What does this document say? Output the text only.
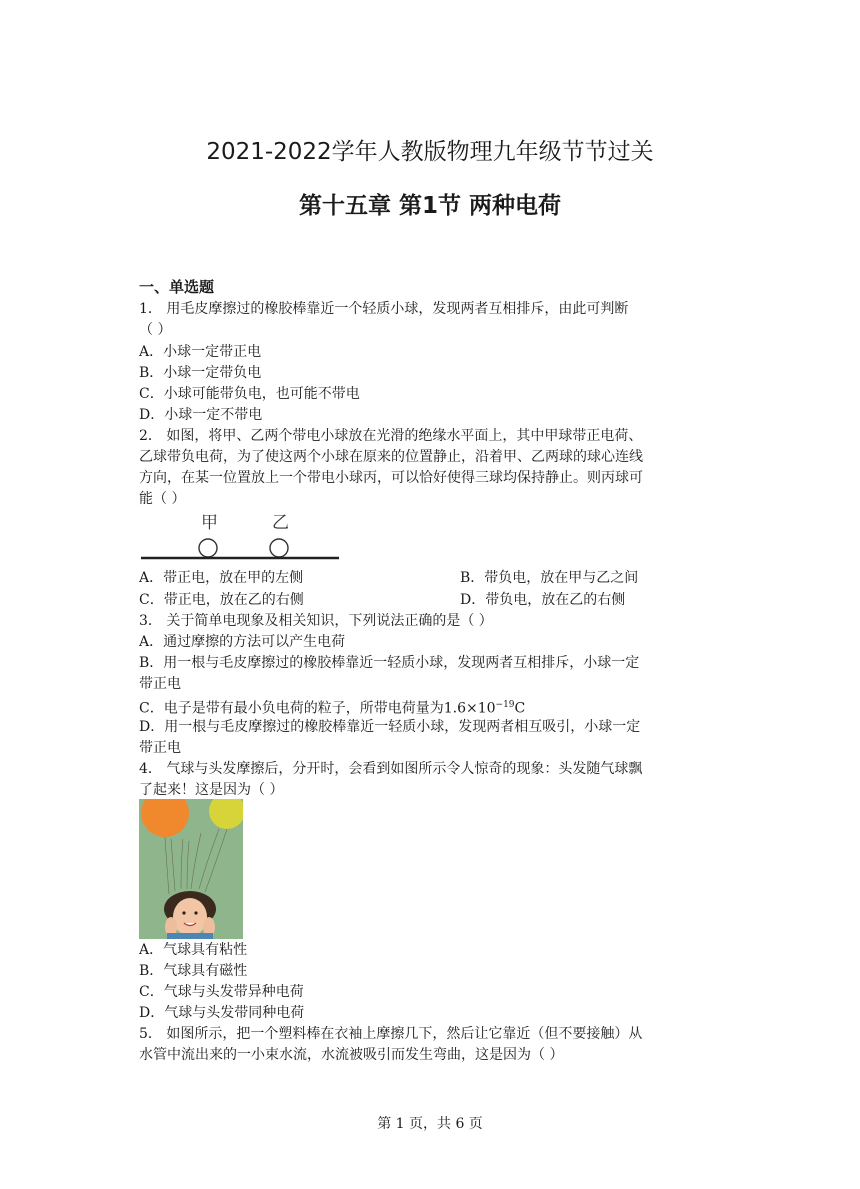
2021-2022学年人教版物理九年级节节过关
第十五章 第1节 两种电荷
一、单选题
1． 用毛皮摩擦过的橡胶棒靠近一个轻质小球，发现两者互相排斥，由此可判断
（ ）
A．小球一定带正电
B．小球一定带负电
C．小球可能带负电，也可能不带电
D．小球一定不带电
2． 如图，将甲、乙两个带电小球放在光滑的绝缘水平面上，其中甲球带正电荷、
乙球带负电荷，为了使这两个小球在原来的位置静止，沿着甲、乙两球的球心连线
方向，在某一位置放上一个带电小球丙，可以恰好使得三球均保持静止。则丙球可
能（ ）
甲	乙
A．带正电，放在甲的左侧	B．带负电，放在甲与乙之间
C．带正电，放在乙的右侧	D．带负电，放在乙的右侧
3． 关于简单电现象及相关知识，下列说法正确的是（ ）
A．通过摩擦的方法可以产生电荷
B．用一根与毛皮摩擦过的橡胶棒靠近一轻质小球，发现两者互相排斥，小球一定
带正电
C．电子是带有最小负电荷的粒子，所带电荷量为$1.6\times 10^{-19}C$
D．用一根与毛皮摩擦过的橡胶棒靠近一轻质小球，发现两者相互吸引，小球一定
带正电
4． 气球与头发摩擦后，分开时，会看到如图所示令人惊奇的现象：头发随气球飘
了起来！这是因为（ ）
A．气球具有粘性
B．气球具有磁性
C．气球与头发带异种电荷
D．气球与头发带同种电荷
5． 如图所示，把一个塑料棒在衣袖上摩擦几下，然后让它靠近（但不要接触）从
水管中流出来的一小束水流，水流被吸引而发生弯曲，这是因为（ ）
第 1 页，共 6 页
